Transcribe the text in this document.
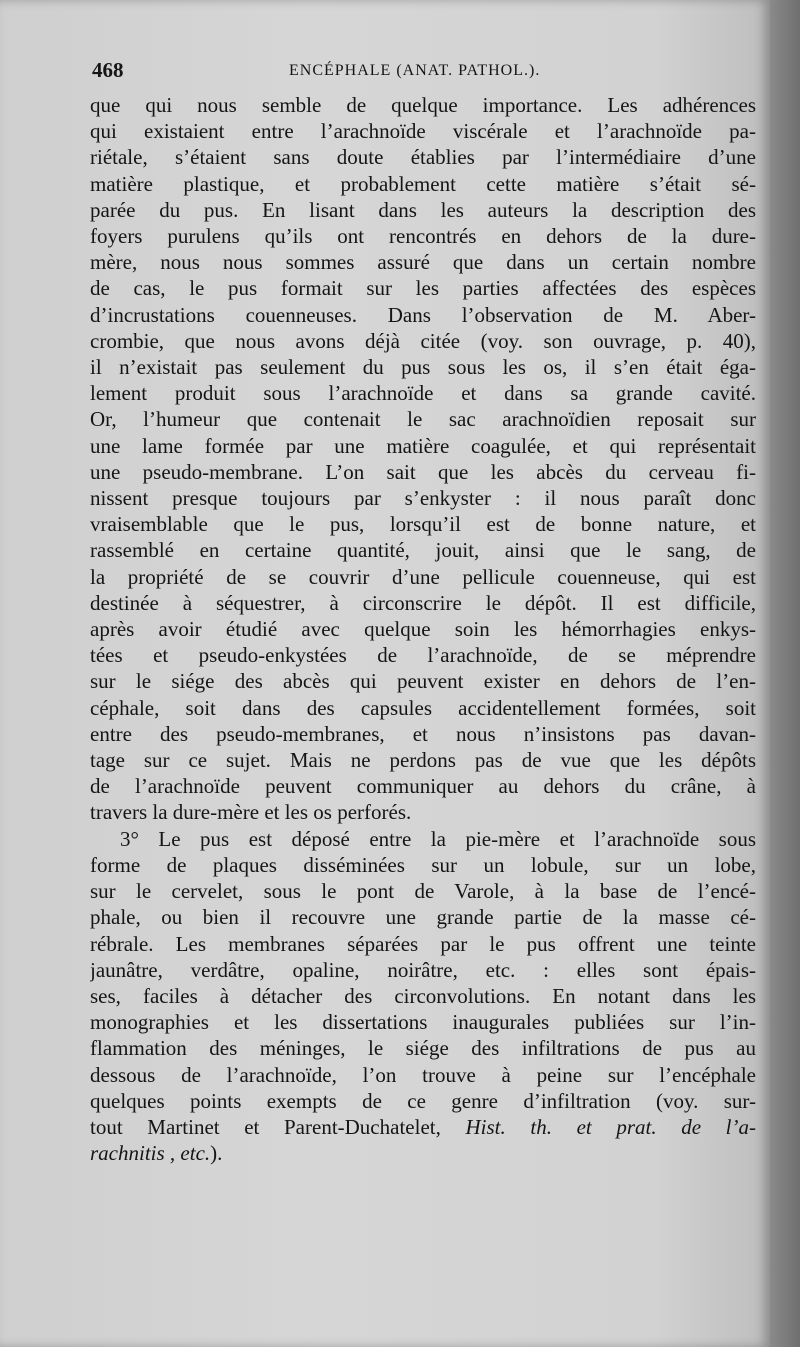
468	ENCÉPHALE (ANAT. PATHOL.).
que qui nous semble de quelque importance. Les adhérences
qui existaient entre l’arachnoïde viscérale et l’arachnoïde pa-
riétale, s’étaient sans doute établies par l’intermédiaire d’une
matière plastique, et probablement cette matière s’était sé-
parée du pus. En lisant dans les auteurs la description des
foyers purulens qu’ils ont rencontrés en dehors de la dure-
mère, nous nous sommes assuré que dans un certain nombre
de cas, le pus formait sur les parties affectées des espèces
d’incrustations couenneuses. Dans l’observation de M. Aber-
crombie, que nous avons déjà citée (voy. son ouvrage, p. 40),
il n’existait pas seulement du pus sous les os, il s’en était éga-
lement produit sous l’arachnoïde et dans sa grande cavité.
Or, l’humeur que contenait le sac arachnoïdien reposait sur
une lame formée par une matière coagulée, et qui représentait
une pseudo-membrane. L’on sait que les abcès du cerveau fi-
nissent presque toujours par s’enkyster : il nous paraît donc
vraisemblable que le pus, lorsqu’il est de bonne nature, et
rassemblé en certaine quantité, jouit, ainsi que le sang, de
la propriété de se couvrir d’une pellicule couenneuse, qui est
destinée à séquestrer, à circonscrire le dépôt. Il est difficile,
après avoir étudié avec quelque soin les hémorrhagies enkys-
tées et pseudo-enkystées de l’arachnoïde, de se méprendre
sur le siége des abcès qui peuvent exister en dehors de l’en-
céphale, soit dans des capsules accidentellement formées, soit
entre des pseudo-membranes, et nous n’insistons pas davan-
tage sur ce sujet. Mais ne perdons pas de vue que les dépôts
de l’arachnoïde peuvent communiquer au dehors du crâne, à
travers la dure-mère et les os perforés.
3° Le pus est déposé entre la pie-mère et l’arachnoïde sous
forme de plaques disséminées sur un lobule, sur un lobe,
sur le cervelet, sous le pont de Varole, à la base de l’encé-
phale, ou bien il recouvre une grande partie de la masse cé-
rébrale. Les membranes séparées par le pus offrent une teinte
jaunâtre, verdâtre, opaline, noirâtre, etc. : elles sont épais-
ses, faciles à détacher des circonvolutions. En notant dans les
monographies et les dissertations inaugurales publiées sur l’in-
flammation des méninges, le siége des infiltrations de pus au
dessous de l’arachnoïde, l’on trouve à peine sur l’encéphale
quelques points exempts de ce genre d’infiltration (voy. sur-
tout Martinet et Parent-Duchatelet, Hist. th. et prat. de l’a-
rachnitis , etc.).
